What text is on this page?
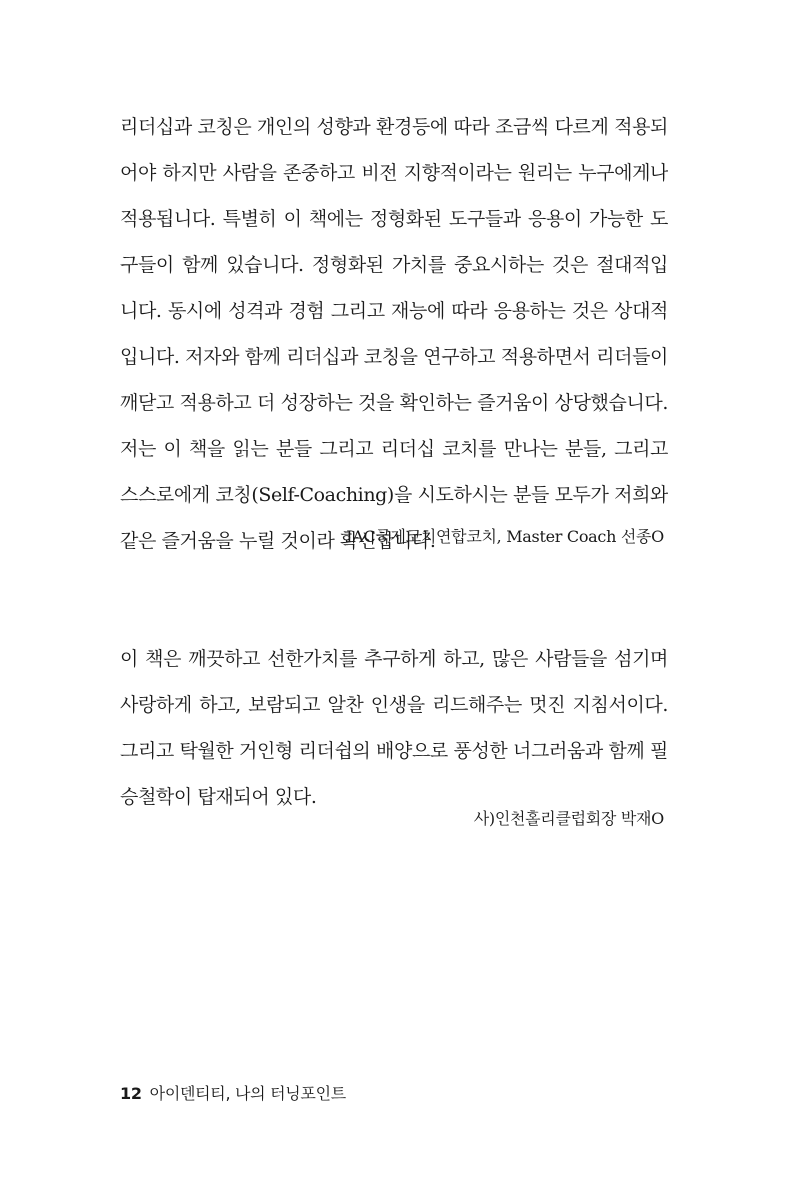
리더십과 코칭은 개인의 성향과 환경등에 따라 조금씩 다르게 적용되
어야 하지만 사람을 존중하고 비전 지향적이라는 원리는 누구에게나
적용됩니다. 특별히 이 책에는 정형화된 도구들과 응용이 가능한 도
구들이 함께 있습니다. 정형화된 가치를 중요시하는 것은 절대적입
니다. 동시에 성격과 경험 그리고 재능에 따라 응용하는 것은 상대적
입니다. 저자와 함께 리더십과 코칭을 연구하고 적용하면서 리더들이
깨닫고 적용하고 더 성장하는 것을 확인하는 즐거움이 상당했습니다.
저는 이 책을 읽는 분들 그리고 리더십 코치를 만나는 분들, 그리고
스스로에게 코칭(Self-Coaching)을 시도하시는 분들 모두가 저희와
같은 즐거움을 누릴 것이라 확신합니다.
IAC국제코치연합코치, Master Coach 선종O
이 책은 깨끗하고 선한가치를 추구하게 하고, 많은 사람들을 섬기며
사랑하게 하고, 보람되고 알찬 인생을 리드해주는 멋진 지침서이다.
그리고 탁월한 거인형 리더쉽의 배양으로 풍성한 너그러움과 함께 필
승철학이 탑재되어 있다.
사)인천홀리클럽회장 박재O
12 아이덴티티, 나의 터닝포인트
